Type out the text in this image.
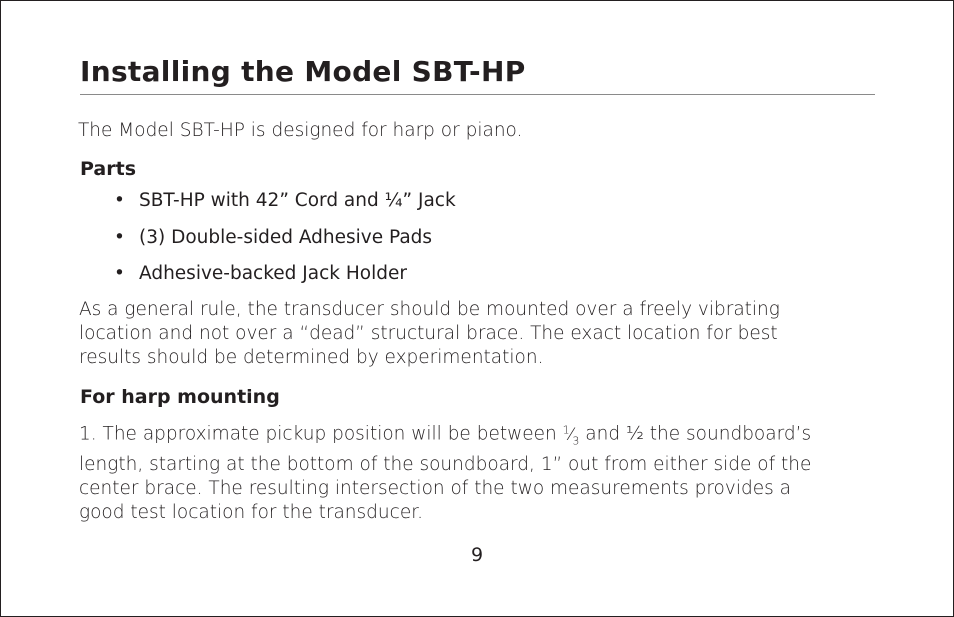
Installing the Model SBT-HP
The Model SBT-HP is designed for harp or piano.
Parts
• SBT-HP with 42” Cord and ¼” Jack
• (3) Double-sided Adhesive Pads
• Adhesive-backed Jack Holder
As a general rule, the transducer should be mounted over a freely vibrating
location and not over a “dead” structural brace. The exact location for best
results should be determined by experimentation.
For harp mounting
1. The approximate pickup position will be between $^1⁄_3$ and ½ the soundboard’s
length, starting at the bottom of the soundboard, 1” out from either side of the
center brace. The resulting intersection of the two measurements provides a
good test location for the transducer.
9
